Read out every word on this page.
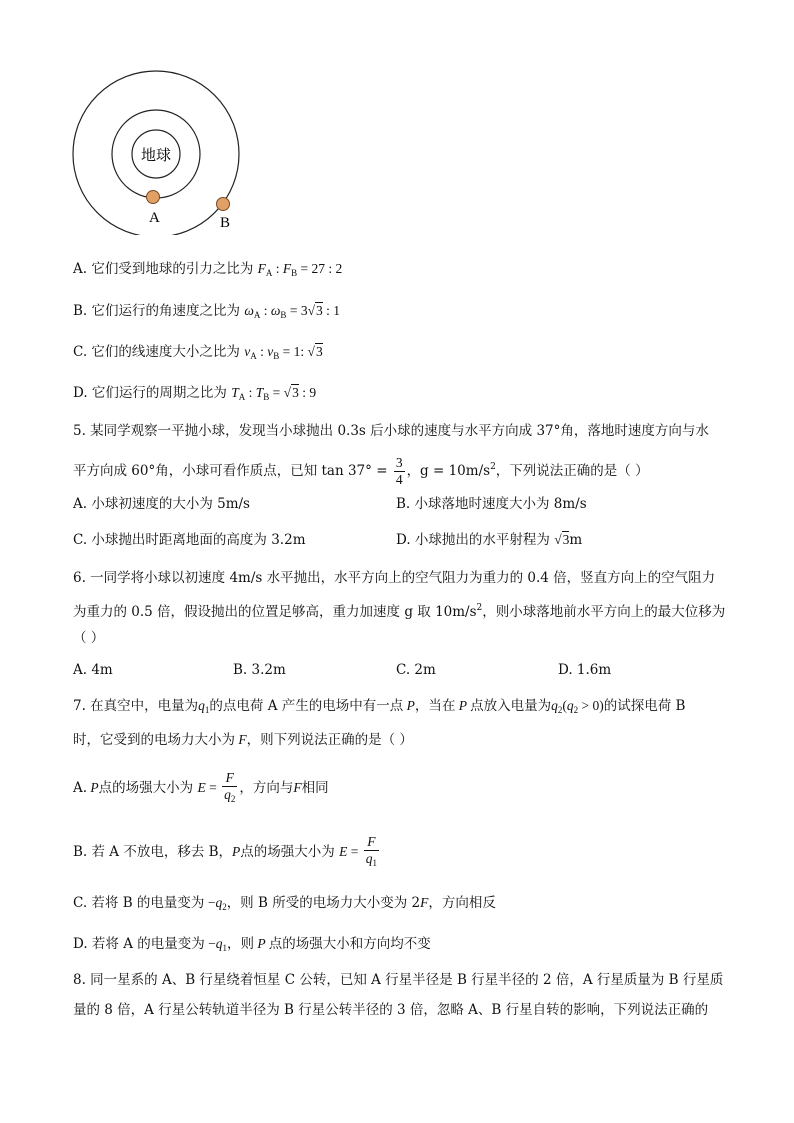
地球
A	B
A. 它们受到地球的引力之比为 $F_A$ : $F_B = 27$ : 2
B. 它们运行的角速度之比为 $\omega_A$ : $\omega_B = 3√3$ : 1
C. 它们的线速度大小之比为 $v_A$ : $v_B = 1$: √3
D. 它们运行的周期之比为 $T_A$ : $T_B = √3$ : 9
5. 某同学观察一平抛小球，发现当小球抛出 0.3s 后小球的速度与水平方向成 37°角，落地时速度方向与水
平方向成 60°角，小球可看作质点，已知 $\tan 37^\circ = \frac{3}{4}$ ，$g = 10m/s^2$，下列说法正确的是（ ）
A. 小球初速度的大小为 5m/s	B. 小球落地时速度大小为 8m/s
C. 小球抛出时距离地面的高度为 3.2m	D. 小球抛出的水平射程为 √3m
6. 一同学将小球以初速度 4m/s 水平抛出，水平方向上的空气阻力为重力的 0.4 倍，竖直方向上的空气阻力
为重力的 0.5 倍，假设抛出的位置足够高，重力加速度 g 取 $10m/s^2$，则小球落地前水平方向上的最大位移为
（ ）
A. 4m	B. 3.2m	C. 2m	D. 1.6m
7. 在真空中，电量为$q_1$的点电荷 A 产生的电场中有一点 P，当在 P 点放入电量为$q_2(q_2 > 0)$的试探电荷 B
时，它受到的电场力大小为 F，则下列说法正确的是（ ）
A. P点的场强大小为 $E = \frac{F}{q_2}$ ，方向与F相同
B. 若 A 不放电，移去 B，P点的场强大小为 $E = \frac{F}{q_1}$
C. 若将 B 的电量变为 $-q_2$，则 B 所受的电场力大小变为 2F，方向相反
D. 若将 A 的电量变为 $-q_1$，则 P 点的场强大小和方向均不变
8. 同一星系的 A、B 行星绕着恒星 C 公转，已知 A 行星半径是 B 行星半径的 2 倍，A 行星质量为 B 行星质
量的 8 倍，A 行星公转轨道半径为 B 行星公转半径的 3 倍，忽略 A、B 行星自转的影响，下列说法正确的
